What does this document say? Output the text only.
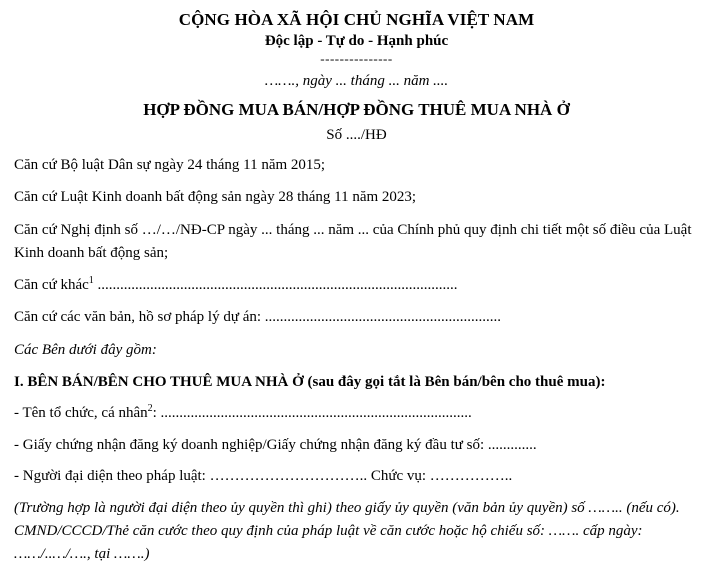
CỘNG HÒA XÃ HỘI CHỦ NGHĨA VIỆT NAM
Độc lập - Tự do - Hạnh phúc
---------------
……., ngày ... tháng ... năm ....
HỢP ĐỒNG MUA BÁN/HỢP ĐỒNG THUÊ MUA NHÀ Ở
Số ..../HĐ
Căn cứ Bộ luật Dân sự ngày 24 tháng 11 năm 2015;
Căn cứ Luật Kinh doanh bất động sản ngày 28 tháng 11 năm 2023;
Căn cứ Nghị định số …/…/NĐ-CP ngày ... tháng ... năm ... của Chính phủ quy định chi tiết một số điều của Luật Kinh doanh bất động sản;
Căn cứ khác$^1$ ................................................................................................
Căn cứ các văn bản, hồ sơ pháp lý dự án: ...............................................................
Các Bên dưới đây gồm:
I. BÊN BÁN/BÊN CHO THUÊ MUA NHÀ Ở (sau đây gọi tắt là Bên bán/bên cho thuê mua):
- Tên tổ chức, cá nhân$^2$: ...................................................................................
- Giấy chứng nhận đăng ký doanh nghiệp/Giấy chứng nhận đăng ký đầu tư số: .............
- Người đại diện theo pháp luật: ………………………….. Chức vụ: ……………..
(Trường hợp là người đại diện theo ủy quyền thì ghi) theo giấy ủy quyền (văn bản ủy quyền) số …….. (nếu có). CMND/CCCD/Thẻ căn cước theo quy định của pháp luật về căn cước hoặc hộ chiếu số: ……. cấp ngày: ……/..…/…., tại …….)
